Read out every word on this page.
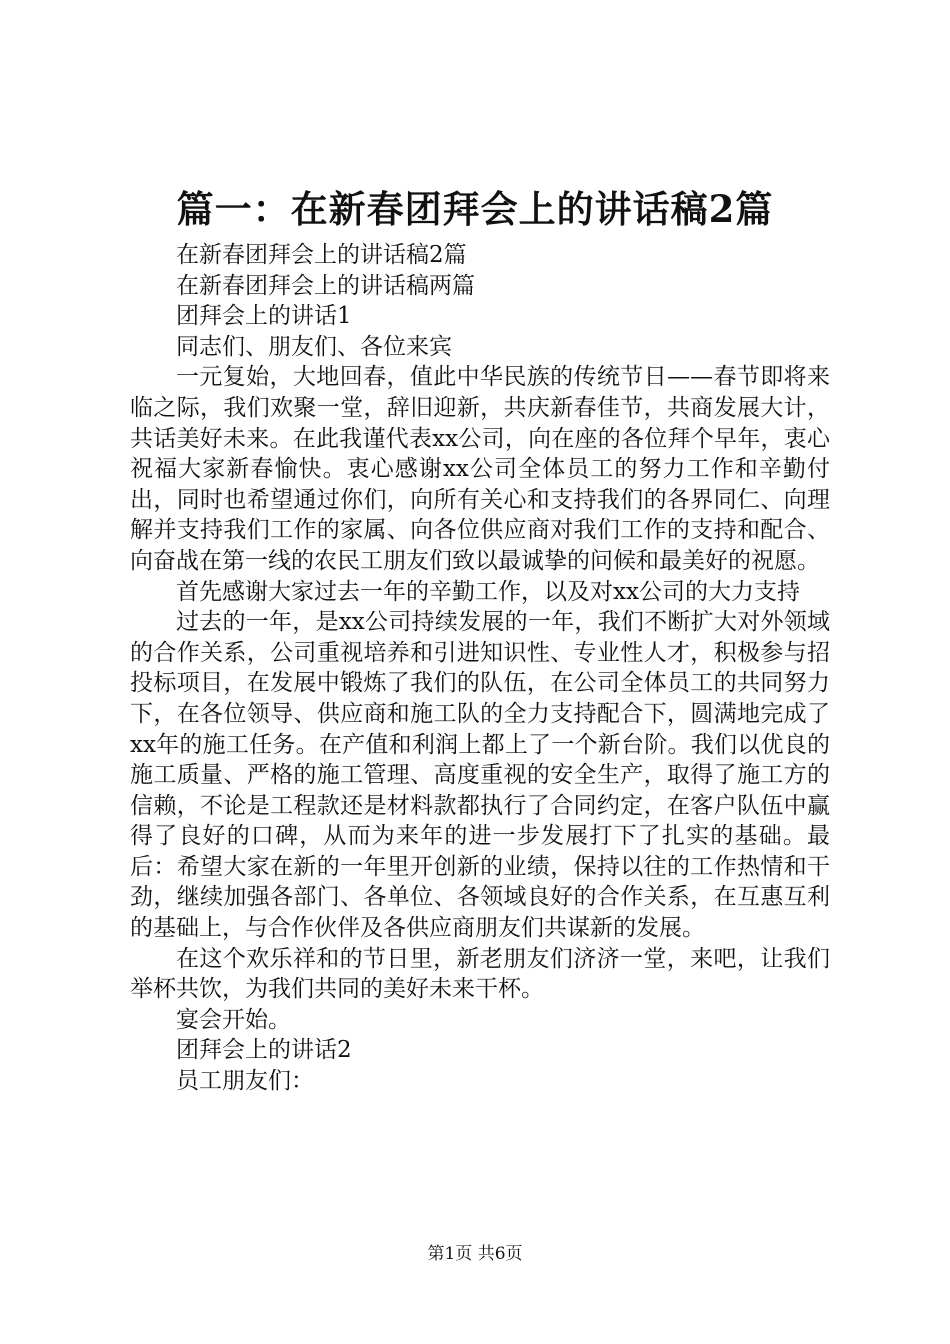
篇一：在新春团拜会上的讲话稿2篇

在新春团拜会上的讲话稿2篇

在新春团拜会上的讲话稿两篇

团拜会上的讲话1

同志们、朋友们、各位来宾

一元复始，大地回春，值此中华民族的传统节日——春节即将来临之际，我们欢聚一堂，辞旧迎新，共庆新春佳节，共商发展大计，共话美好未来。在此我谨代表xx公司，向在座的各位拜个早年，衷心祝福大家新春愉快。衷心感谢xx公司全体员工的努力工作和辛勤付出，同时也希望通过你们，向所有关心和支持我们的各界同仁、向理解并支持我们工作的家属、向各位供应商对我们工作的支持和配合、向奋战在第一线的农民工朋友们致以最诚挚的问候和最美好的祝愿。

首先感谢大家过去一年的辛勤工作，以及对xx公司的大力支持

过去的一年，是xx公司持续发展的一年，我们不断扩大对外领域的合作关系，公司重视培养和引进知识性、专业性人才，积极参与招投标项目，在发展中锻炼了我们的队伍，在公司全体员工的共同努力下，在各位领导、供应商和施工队的全力支持配合下，圆满地完成了xx年的施工任务。在产值和利润上都上了一个新台阶。我们以优良的施工质量、严格的施工管理、高度重视的安全生产，取得了施工方的信赖，不论是工程款还是材料款都执行了合同约定，在客户队伍中赢得了良好的口碑，从而为来年的进一步发展打下了扎实的基础。最后：希望大家在新的一年里开创新的业绩，保持以往的工作热情和干劲，继续加强各部门、各单位、各领域良好的合作关系，在互惠互利的基础上，与合作伙伴及各供应商朋友们共谋新的发展。

在这个欢乐祥和的节日里，新老朋友们济济一堂，来吧，让我们举杯共饮，为我们共同的美好未来干杯。

宴会开始。

团拜会上的讲话2

员工朋友们：

第1页 共6页
